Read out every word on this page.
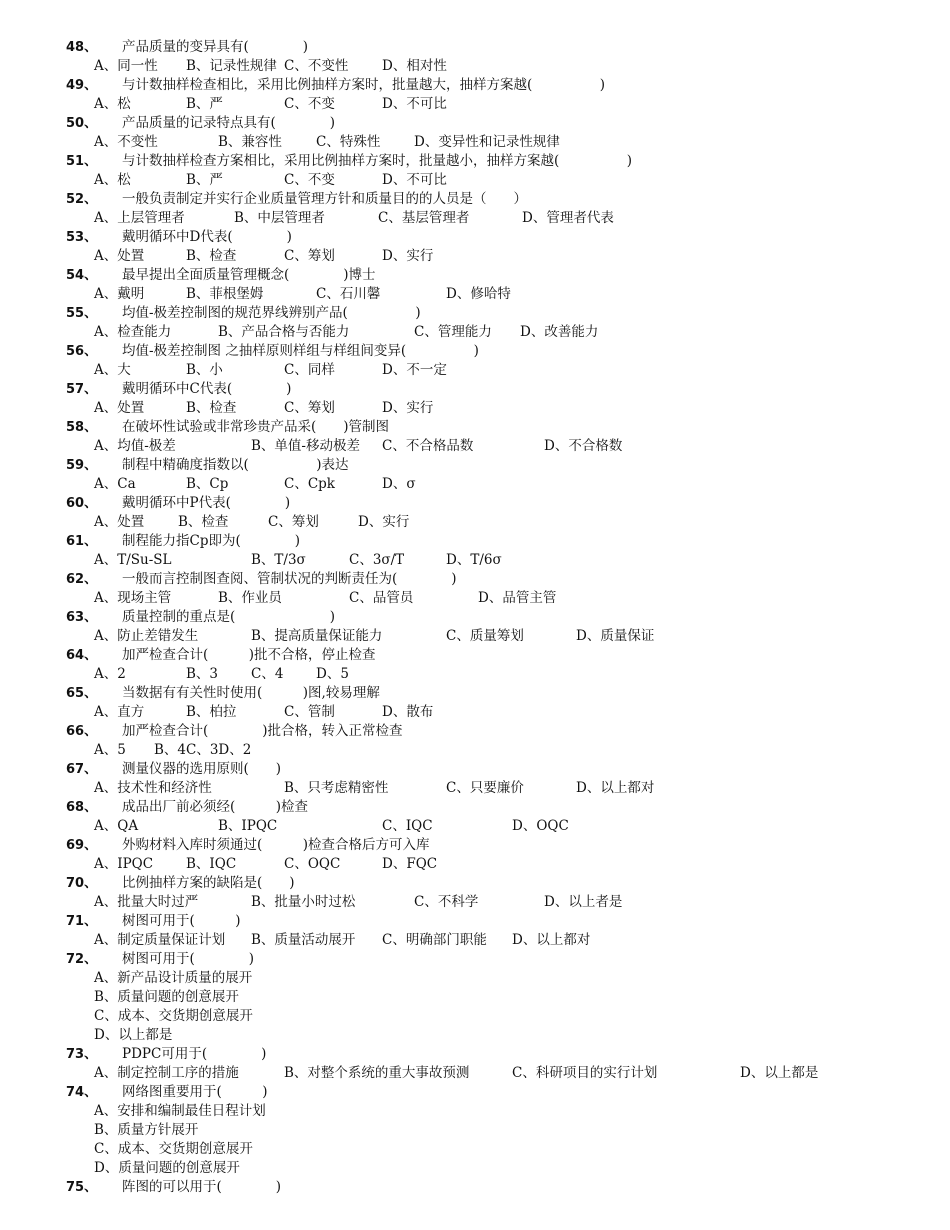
48、 产品质量的变异具有(　　　　)
A、同一性 B、记录性规律 C、不变性 D、相对性
49、 与计数抽样检查相比，采用比例抽样方案时，批量越大，抽样方案越(　　　　　)
A、松	B、严	C、不变	D、不可比
50、 产品质量的记录特点具有(　　　　)
A、不变性	B、兼容性	C、特殊性 D、变异性和记录性规律
51、 与计数抽样检查方案相比，采用比例抽样方案时，批量越小，抽样方案越(　　　　　)
A、松	B、严	C、不变	D、不可比
52、 一般负责制定并实行企业质量管理方针和质量目的的人员是（　　）
A、上层管理者	B、中层管理者	C、基层管理者	D、管理者代表
53、 戴明循环中D代表(　　　　)
A、处置	B、检查	C、筹划	D、实行
54、 最早提出全面质量管理概念(　　　　)博士
A、戴明	B、菲根堡姆	C、石川馨	D、修哈特
55、 均值-极差控制图的规范界线辨别产品(　　　　　)
A、检查能力	B、产品合格与否能力	C、管理能力 D、改善能力
56、 均值-极差控制图 之抽样原则样组与样组间变异(　　　　　)
A、大	B、小	C、同样	D、不一定
57、 戴明循环中C代表(　　　　)
A、处置	B、检查	C、筹划	D、实行
58、 在破坏性试验或非常珍贵产品采(　　)管制图
A、均值-极差	B、单值-移动极差 C、不合格品数	D、不合格数
59、 制程中精确度指数以(　　　　　)表达
A、Ca	B、Cp	C、Cpk	D、σ
60、 戴明循环中P代表(　　　　)
A、处置	B、检查	C、筹划	D、实行
61、 制程能力指Cp即为(　　　　)
A、T/Su-SL	B、T/3σ	C、3σ/T	D、T/6σ
62、 一般而言控制图查阅、管制状况的判断责任为(　　　　)
A、现场主管	B、作业员	C、品管员	D、品管主管
63、 质量控制的重点是(　　　　　　　)
A、防止差错发生	B、提高质量保证能力	C、质量筹划	D、质量保证
64、 加严检查合计(　　　)批不合格，停止检查
A、2	B、3 C、4 D、5
65、 当数据有有关性时使用(　　　)图,较易理解
A、直方	B、柏拉	C、管制	D、散布
66、 加严检查合计(　　　　)批合格，转入正常检查
A、5 B、4C、3D、2
67、 测量仪器的选用原则(　　)
A、技术性和经济性	B、只考虑精密性	C、只要廉价	D、以上都对
68、 成品出厂前必须经(　　　)检查
A、QA	B、IPQC	C、IQC	D、OQC
69、 外购材料入库时须通过(　　　)检查合格后方可入库
A、IPQC B、IQC	C、OQC	D、FQC
70、 比例抽样方案的缺陷是(　　)
A、批量大时过严	B、批量小时过松	C、不科学	D、以上者是
71、 树图可用于(　　　)
A、制定质量保证计划 B、质量活动展开 C、明确部门职能 D、以上都对
72、 树图可用于(　　　　)
A、新产品设计质量的展开
B、质量问题的创意展开
C、成本、交货期创意展开
D、以上都是
73、 PDPC可用于(　　　　)
A、制定控制工序的措施	B、对整个系统的重大事故预测	C、科研项目的实行计划	D、以上都是
74、 网络图重要用于(　　　)
A、安排和编制最佳日程计划
B、质量方针展开
C、成本、交货期创意展开
D、质量问题的创意展开
75、 阵图的可以用于(　　　　)
